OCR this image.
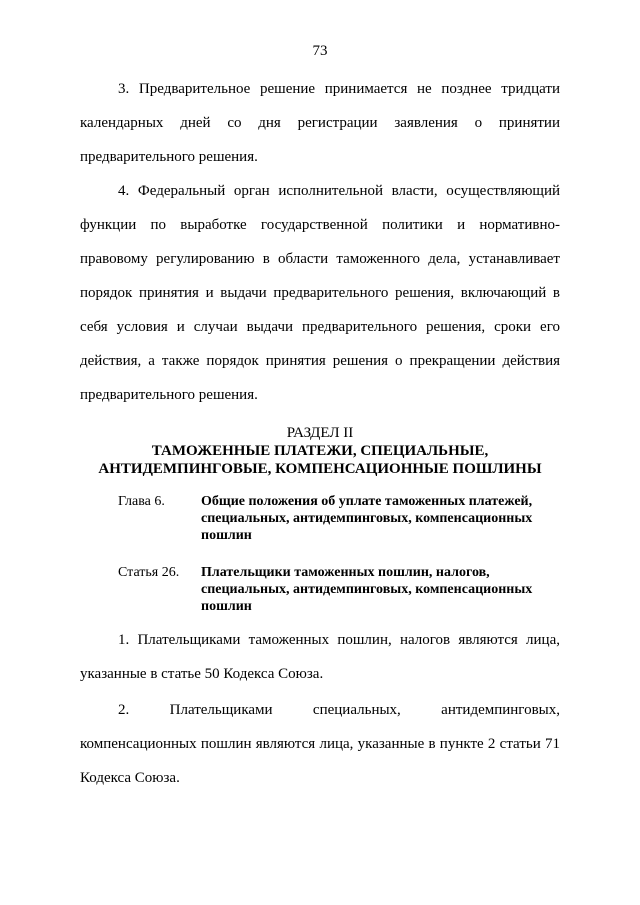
73
3. Предварительное решение принимается не позднее тридцати
календарных дней со дня регистрации заявления о принятии
предварительного решения.
4. Федеральный орган исполнительной власти, осуществляющий
функции по выработке государственной политики и нормативно-
правовому регулированию в области таможенного дела, устанавливает
порядок принятия и выдачи предварительного решения, включающий в
себя условия и случаи выдачи предварительного решения, сроки его
действия, а также порядок принятия решения о прекращении действия
предварительного решения.
РАЗДЕЛ II
ТАМОЖЕННЫЕ ПЛАТЕЖИ, СПЕЦИАЛЬНЫЕ,
АНТИДЕМПИНГОВЫЕ, КОМПЕНСАЦИОННЫЕ ПОШЛИНЫ
Глава 6.	Общие положения об уплате таможенных платежей,
специальных, антидемпинговых, компенсационных
пошлин
Статья 26. Плательщики таможенных пошлин, налогов,
специальных, антидемпинговых, компенсационных
пошлин
1. Плательщиками таможенных пошлин, налогов являются лица,
указанные в статье 50 Кодекса Союза.
2. Плательщиками специальных, антидемпинговых,
компенсационных пошлин являются лица, указанные в пункте 2 статьи 71
Кодекса Союза.
